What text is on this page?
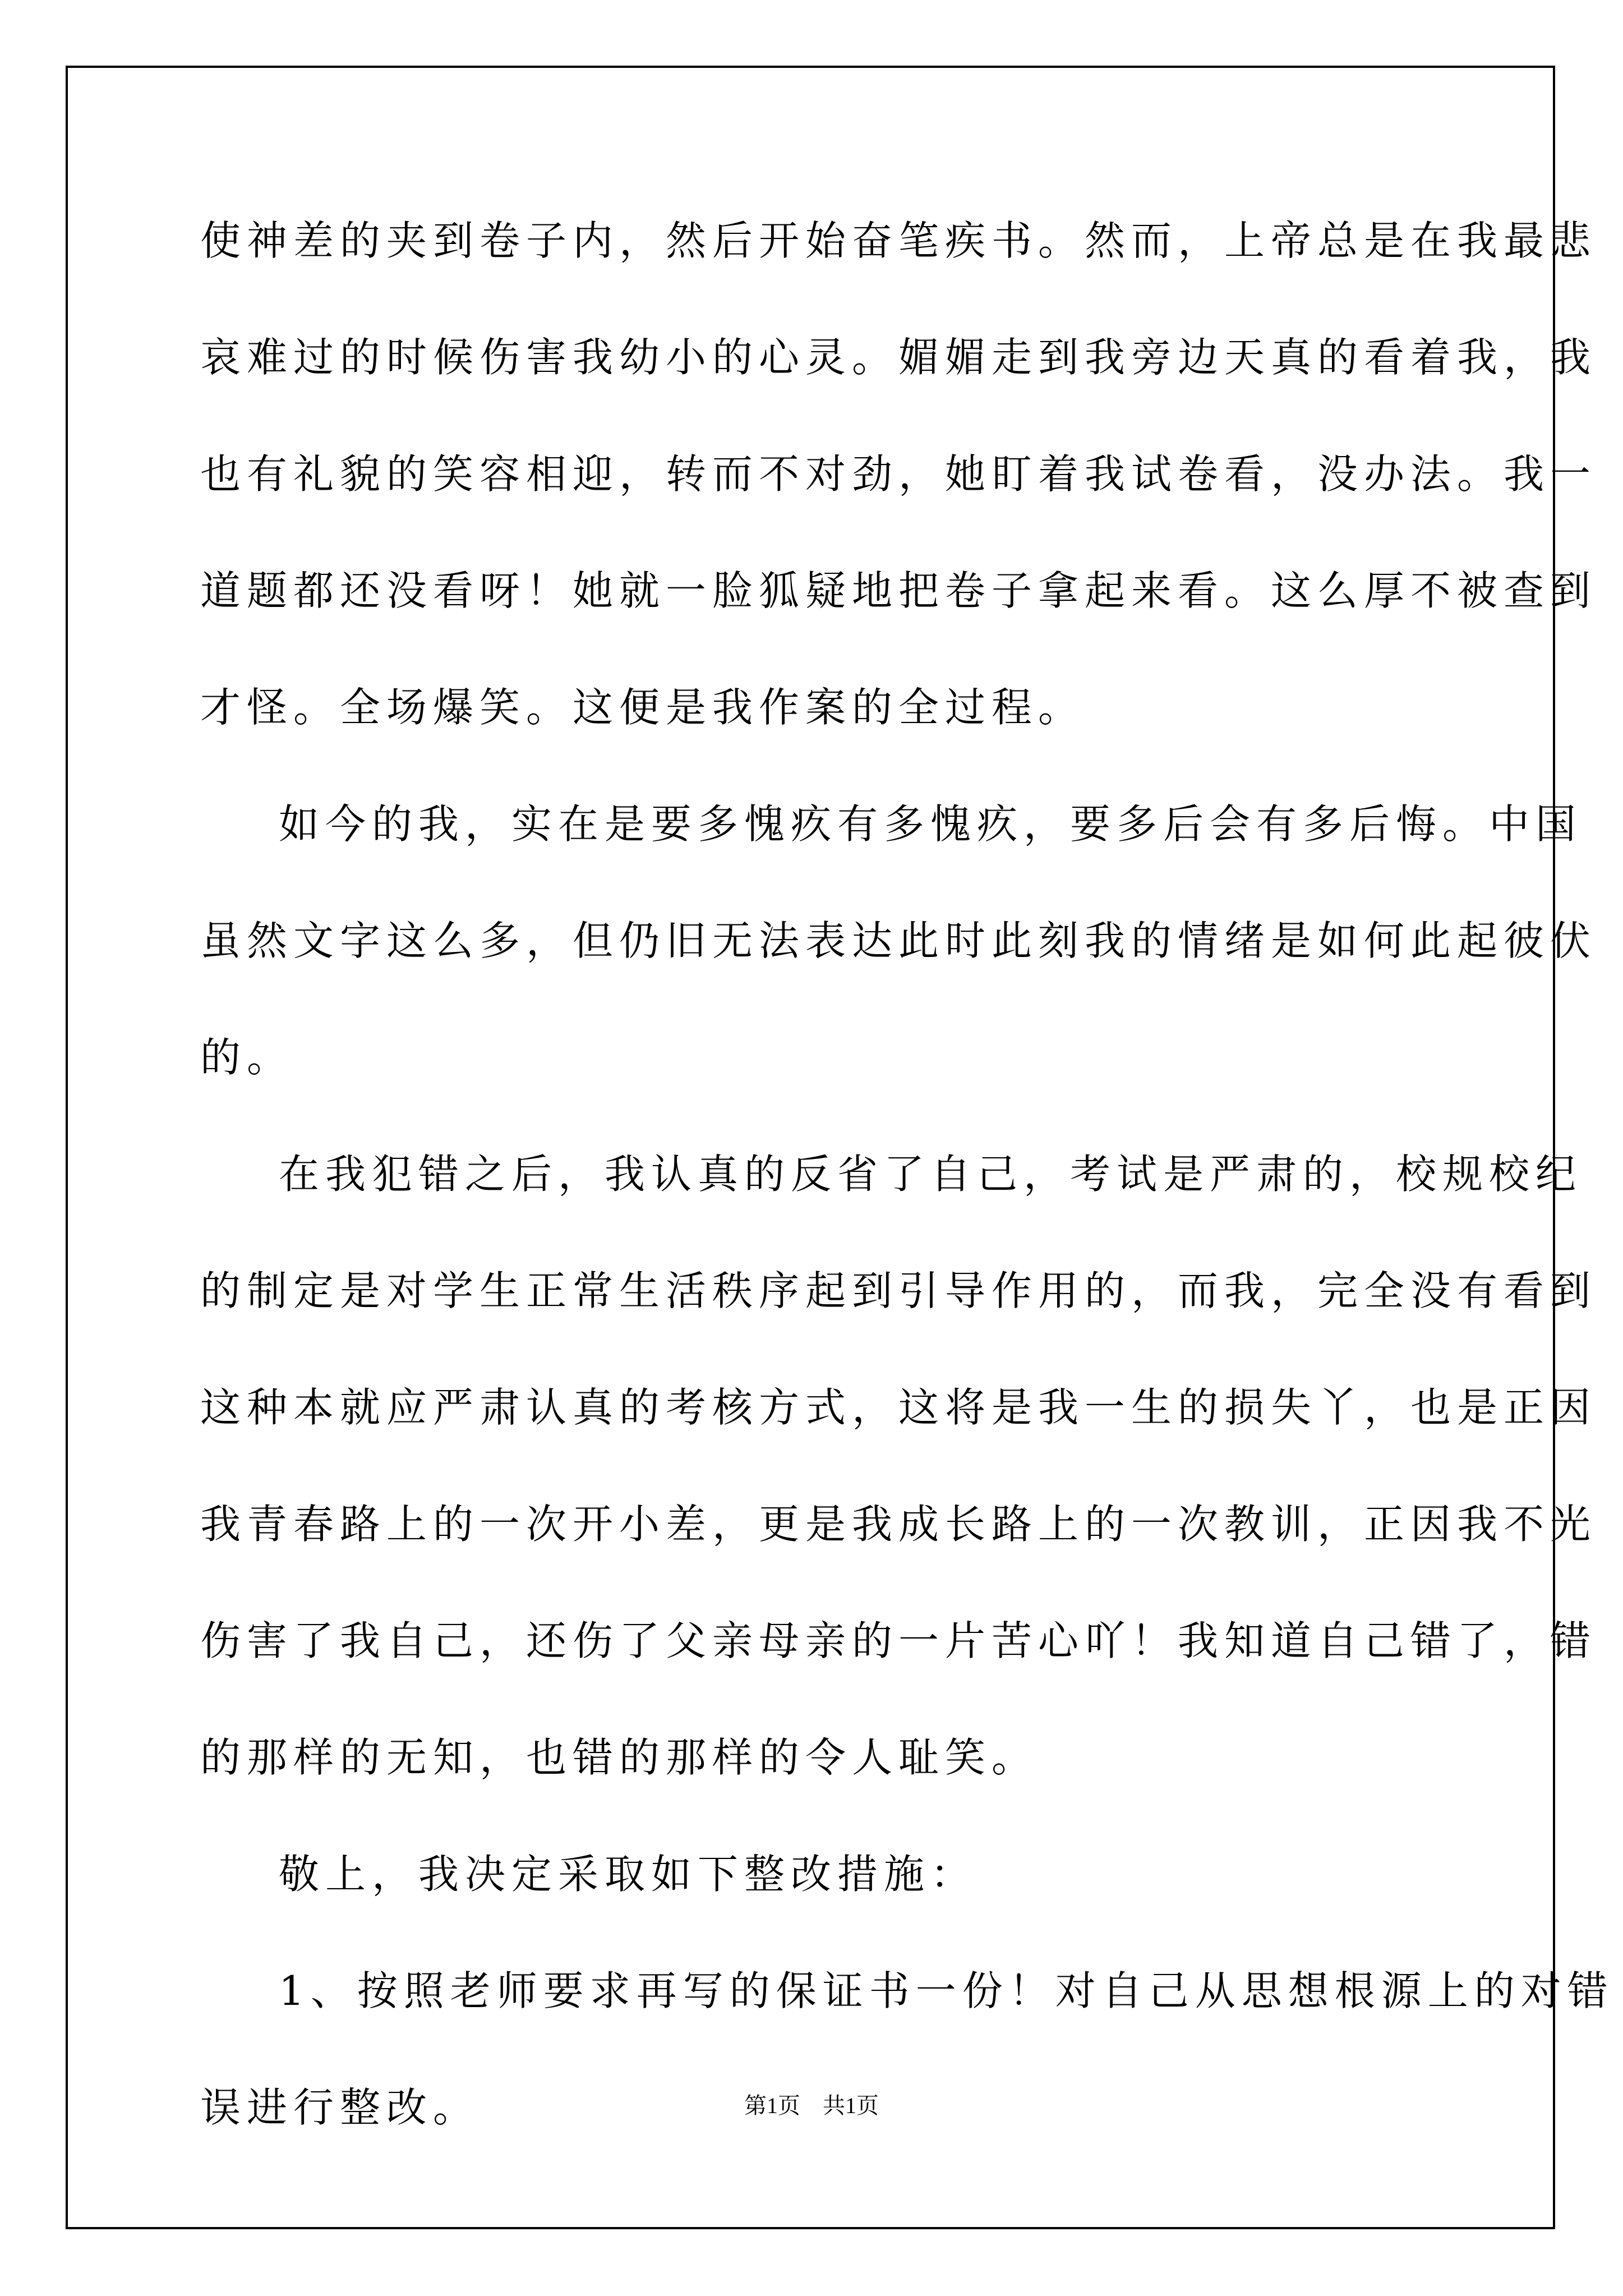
使神差的夹到卷子内，然后开始奋笔疾书。然而，上帝总是在我最悲
哀难过的时候伤害我幼小的心灵。媚媚走到我旁边天真的看着我，我
也有礼貌的笑容相迎，转而不对劲，她盯着我试卷看，没办法。我一
道题都还没看呀！她就一脸狐疑地把卷子拿起来看。这么厚不被查到
才怪。全场爆笑。这便是我作案的全过程。
如今的我，实在是要多愧疚有多愧疚，要多后会有多后悔。中国
虽然文字这么多，但仍旧无法表达此时此刻我的情绪是如何此起彼伏
的。
在我犯错之后，我认真的反省了自己，考试是严肃的，校规校纪
的制定是对学生正常生活秩序起到引导作用的，而我，完全没有看到
这种本就应严肃认真的考核方式，这将是我一生的损失丫，也是正因
我青春路上的一次开小差，更是我成长路上的一次教训，正因我不光
伤害了我自己，还伤了父亲母亲的一片苦心吖！我知道自己错了，错
的那样的无知，也错的那样的令人耻笑。
敬上，我决定采取如下整改措施：
1、按照老师要求再写的保证书一份！对自己从思想根源上的对错
误进行整改。	第1页 共1页
